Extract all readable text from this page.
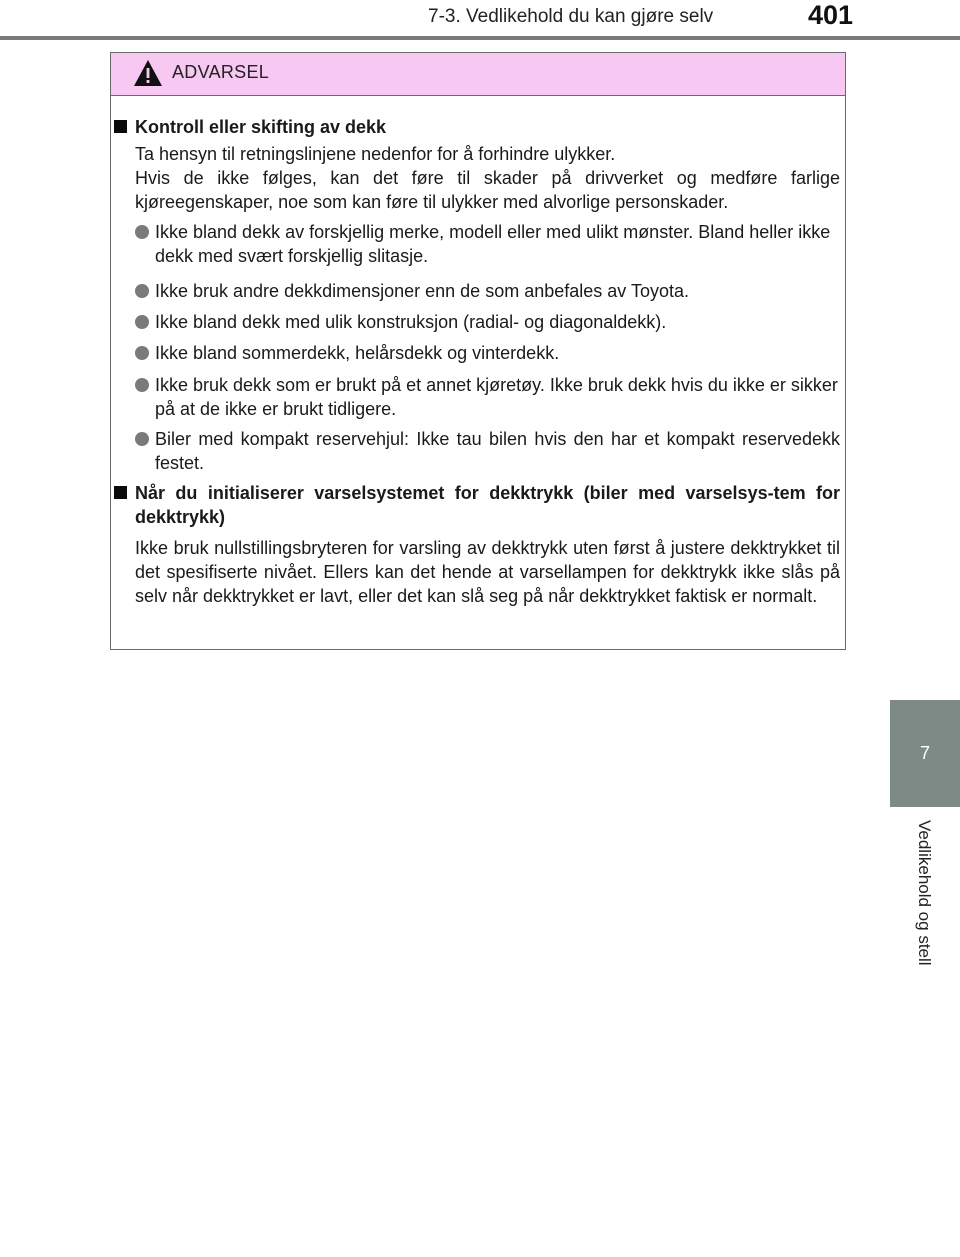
7-3. Vedlikehold du kan gjøre selv	401
7
Vedlikehold og stell
ADVARSEL
Kontroll eller skifting av dekk
Ta hensyn til retningslinjene nedenfor for å forhindre ulykker.
Hvis de ikke følges, kan det føre til skader på drivverket og medføre farlige kjøreegenskaper, noe som kan føre til ulykker med alvorlige personskader.
Ikke bland dekk av forskjellig merke, modell eller med ulikt mønster. Bland heller ikke dekk med svært forskjellig slitasje.
Ikke bruk andre dekkdimensjoner enn de som anbefales av Toyota.
Ikke bland dekk med ulik konstruksjon (radial- og diagonaldekk).
Ikke bland sommerdekk, helårsdekk og vinterdekk.
Ikke bruk dekk som er brukt på et annet kjøretøy. Ikke bruk dekk hvis du ikke er sikker på at de ikke er brukt tidligere.
Biler med kompakt reservehjul: Ikke tau bilen hvis den har et kompakt reservedekk festet.
Når du initialiserer varselsystemet for dekktrykk (biler med varselsys-tem for dekktrykk)
Ikke bruk nullstillingsbryteren for varsling av dekktrykk uten først å justere dekktrykket til det spesifiserte nivået. Ellers kan det hende at varsellampen for dekktrykk ikke slås på selv når dekktrykket er lavt, eller det kan slå seg på når dekktrykket faktisk er normalt.
